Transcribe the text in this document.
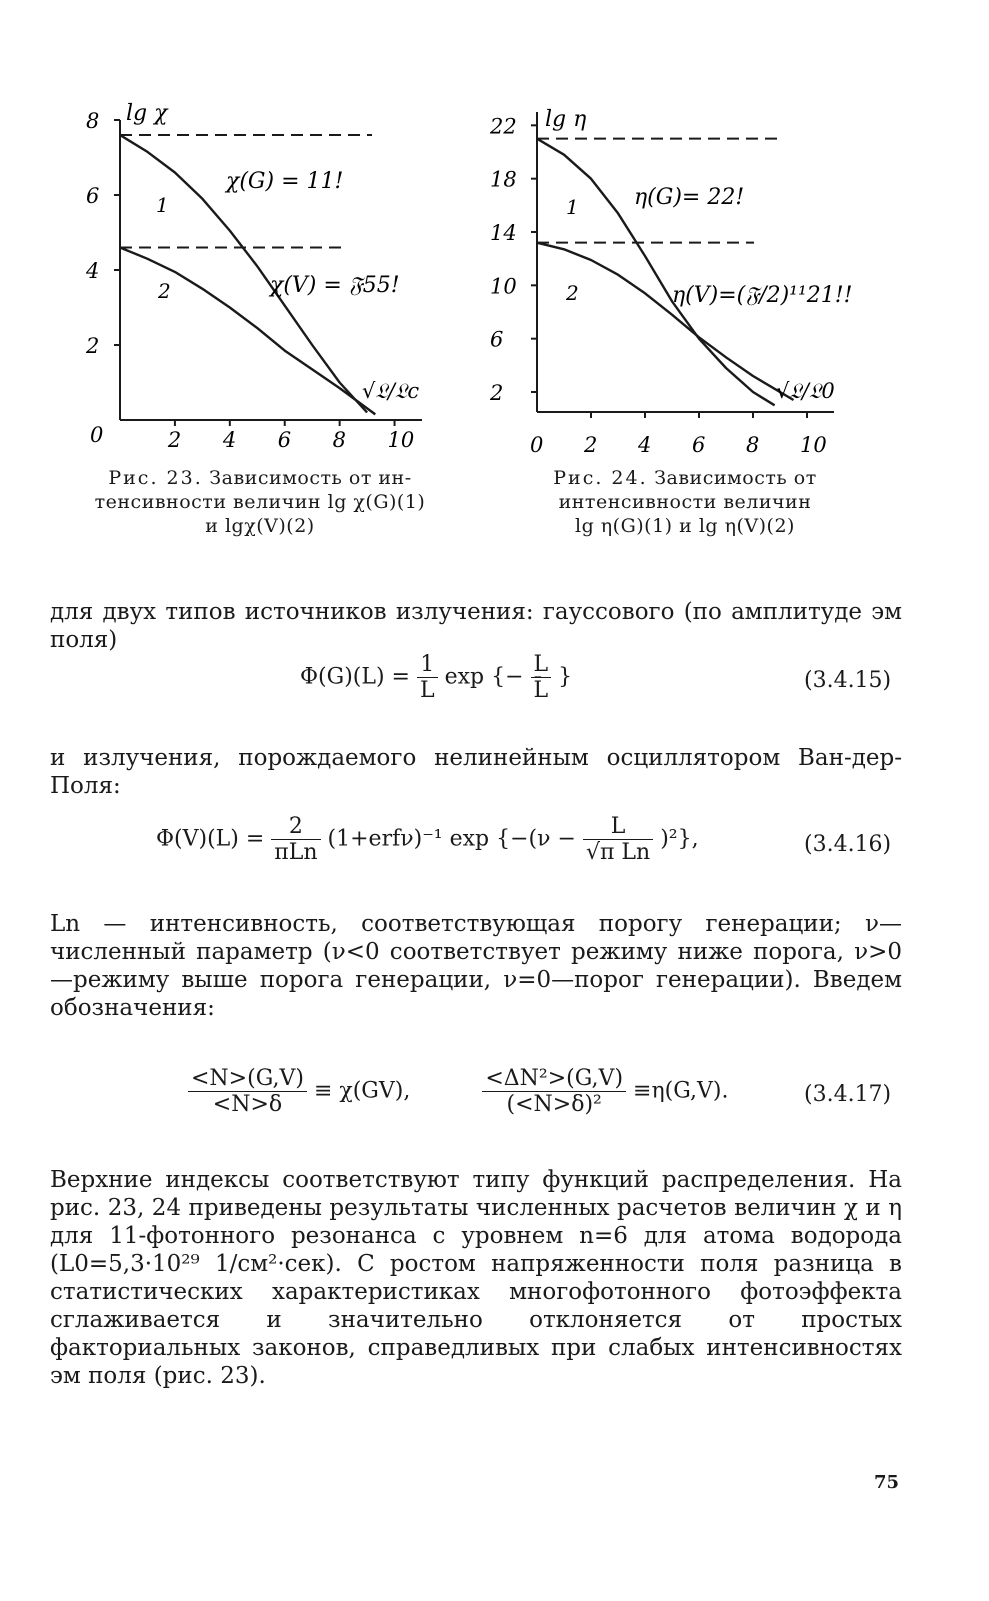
lg χ
0
2
4
6
8
2 4 6 8 10
1
2
χ(G) = 11!
χ(V) = 𝔉55!
√𝔏/𝔏c
lg η
2
6
10
14
18
22
0 2 4 6 8 10
1
2
η(G)= 22!
η(V)=(𝔉/2)¹¹21!!
√𝔏/𝔏0
Рис. 23. Зависимость от ин-
тенсивности величин lg χ(G)(1)
и lgχ(V)(2)
Рис. 24. Зависимость от
интенсивности величин
lg η(G)(1) и lg η(V)(2)
для двух типов источников излучения: гауссового (по амплитуде эм поля)
$\Phi(G)(L) = \frac{1}{L}$ exp {− $\frac{L}{L̄}$ }	(3.4.15)
и излучения, порождаемого нелинейным осциллятором Ван-дер-Поля:
$\Phi(V)(L) = \frac{2}{\text{πLn}} (1+erf\nu)^{-1}$ $\exp \{-(\nu - \frac{L}{\text{√π Ln}} )^2\}$,	(3.4.16)
Ln — интенсивность, соответствующая порогу генерации; ν— численный параметр (ν<0 соответствует режиму ниже порога, ν>0—режиму выше порога генерации, ν=0—порог генерации). Введем обозначения:
$\frac{<N>(G,V)}{<N>\delta} \equiv \chi(GV)$,	$\frac{\text{<ΔN²>(G,V)}}{\text{(<N>δ)²}} \equiv\eta(G,V)$.	(3.4.17)
Верхние индексы соответствуют типу функций распределения. На рис. 23, 24 приведены результаты численных расчетов величин χ и η для 11-фотонного резонанса с уровнем n=6 для атома водорода (L0=5,3·10²⁹ 1/см²·сек). С ростом напряженности поля разница в статистических характеристиках многофотонного фотоэффекта сглаживается и значительно отклоняется от простых факториальных законов, справедливых при слабых интенсивностях эм поля (рис. 23).
75
